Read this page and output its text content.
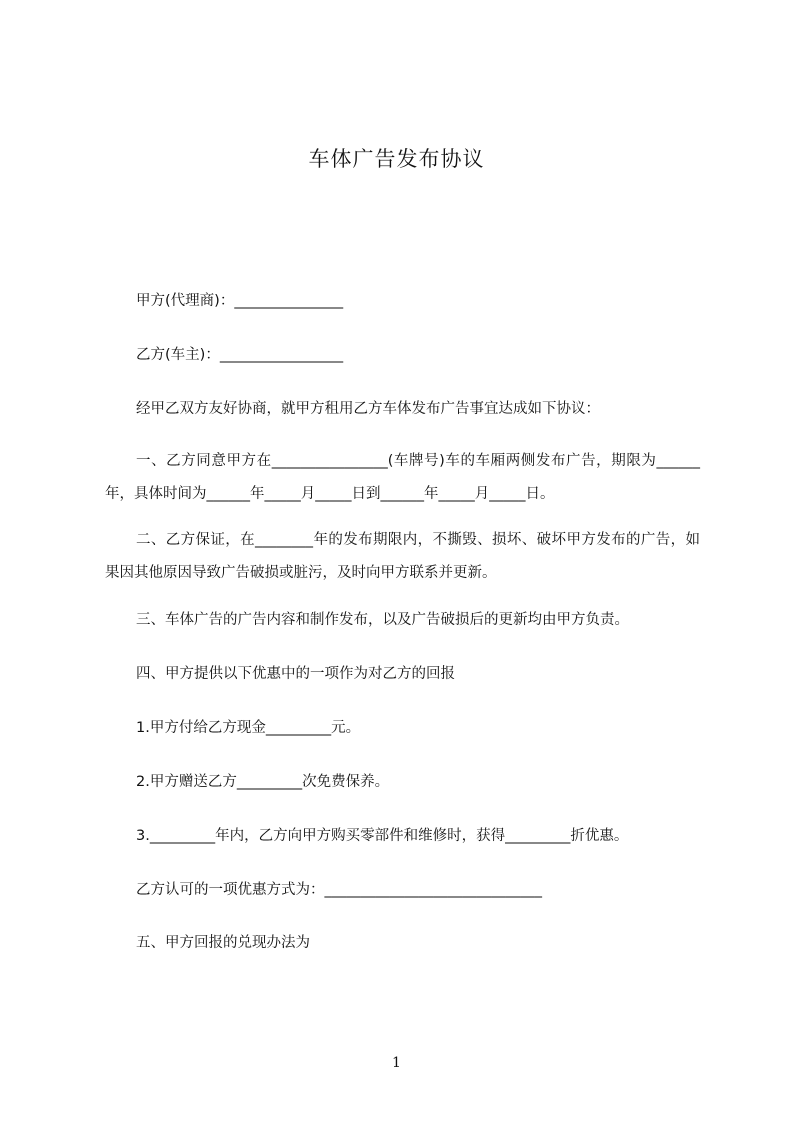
车体广告发布协议
甲方(代理商)：_______________
乙方(车主)：_________________
经甲乙双方友好协商，就甲方租用乙方车体发布广告事宜达成如下协议：
一、乙方同意甲方在________________(车牌号)车的车厢两侧发布广告，期限为______年，具体时间为______年_____月_____日到______年_____月_____日。
二、乙方保证，在________年的发布期限内，不撕毁、损坏、破坏甲方发布的广告，如果因其他原因导致广告破损或脏污，及时向甲方联系并更新。
三、车体广告的广告内容和制作发布，以及广告破损后的更新均由甲方负责。
四、甲方提供以下优惠中的一项作为对乙方的回报
1.甲方付给乙方现金_________元。
2.甲方赠送乙方_________次免费保养。
3._________年内，乙方向甲方购买零部件和维修时，获得_________折优惠。
乙方认可的一项优惠方式为：______________________________
五、甲方回报的兑现办法为
1
